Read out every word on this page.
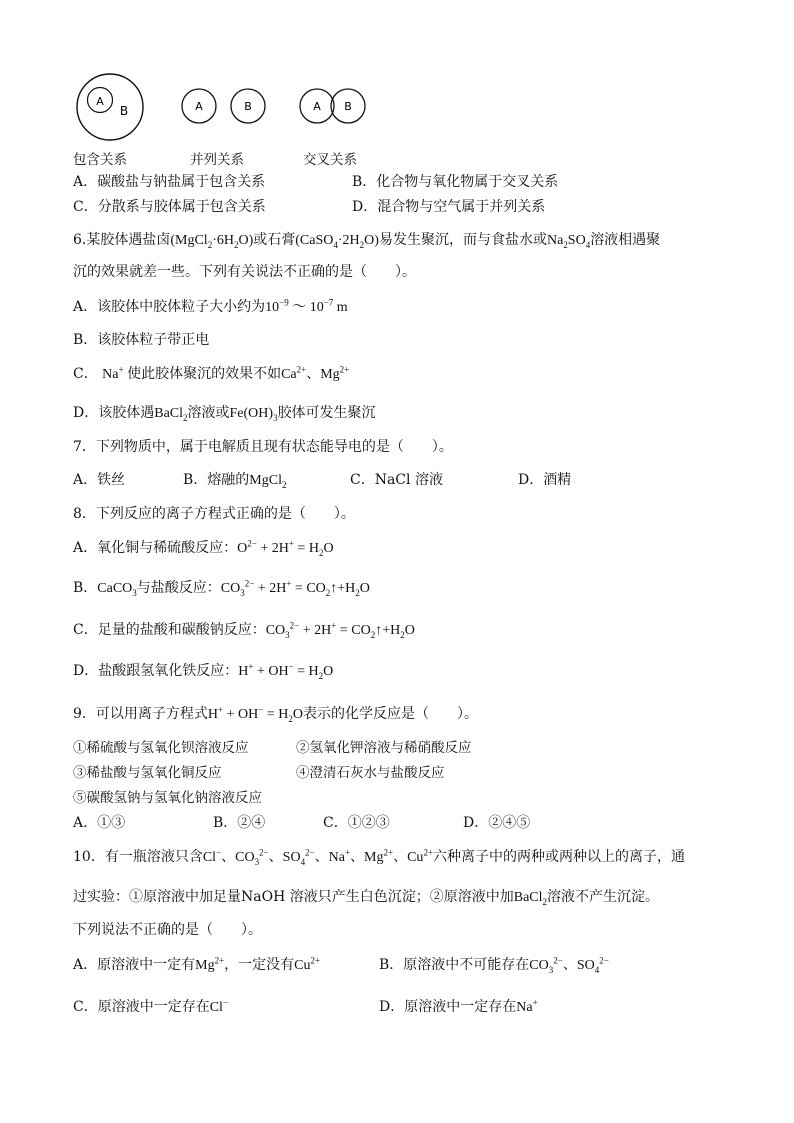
A
B	A	B	A B
包含关系	并列关系	交叉关系
A．碳酸盐与钠盐属于包含关系	B．化合物与氧化物属于交叉关系
C．分散系与胶体属于包含关系	D．混合物与空气属于并列关系
6.某胶体遇盐卤$(MgCl_2\cdot 6H_2O)$或石膏$(CaSO_4\cdot 2H_2O)$易发生聚沉，而与食盐水或$Na_2SO_4$溶液相遇聚
沉的效果就差一些。下列有关说法不正确的是（　　）。
A．该胶体中胶体粒子大小约为$10^{-9}$ ～ $10^{-7}$ m
B．该胶体粒子带正电
C． Na+ 使此胶体聚沉的效果不如$Ca^{2+}$、$Mg^{2+}$
D．该胶体遇BaCl$_2$溶液或$Fe(OH)_3$胶体可发生聚沉
7．下列物质中，属于电解质且现有状态能导电的是（　　）。
A．铁丝	B．熔融的MgCl$_2$	C．NaCl 溶液	D．酒精
8．下列反应的离子方程式正确的是（　　）。
A．氧化铜与稀硫酸反应：$O^{2-} + 2H^+ = H_2O$
B．CaCO$_3$与盐酸反应：$CO_3^{2-} + 2H^+$ = $CO_2↑+H_2O$
C．足量的盐酸和碳酸钠反应：$CO_3^{2-} + 2H^+$ = $CO_2↑+H_2O$
D．盐酸跟氢氧化铁反应：$H^+ + OH^- = H_2O$
9．可以用离子方程式$H^+ + OH^- = H_2O$表示的化学反应是（　　）。
①稀硫酸与氢氧化钡溶液反应	②氢氧化钾溶液与稀硝酸反应
③稀盐酸与氢氧化铜反应	④澄清石灰水与盐酸反应
⑤碳酸氢钠与氢氧化钠溶液反应
A．①③	B．②④	C．①②③	D．②④⑤
10．有一瓶溶液只含Cl−、$CO_3^{2-}$、$SO_4^{2-}$、Na+、$Mg^{2+}$、$Cu^{2+}$六种离子中的两种或两种以上的离子，通
过实验：①原溶液中加足量NaOH 溶液只产生白色沉淀；②原溶液中加BaCl$_2$溶液不产生沉淀。
下列说法不正确的是（　　）。
A．原溶液中一定有$Mg^{2+}$，一定没有$Cu^{2+}$	B．原溶液中不可能存在$CO_3^{2-}$、$SO_4^{2-}$
C．原溶液中一定存在Cl−	D．原溶液中一定存在Na+
